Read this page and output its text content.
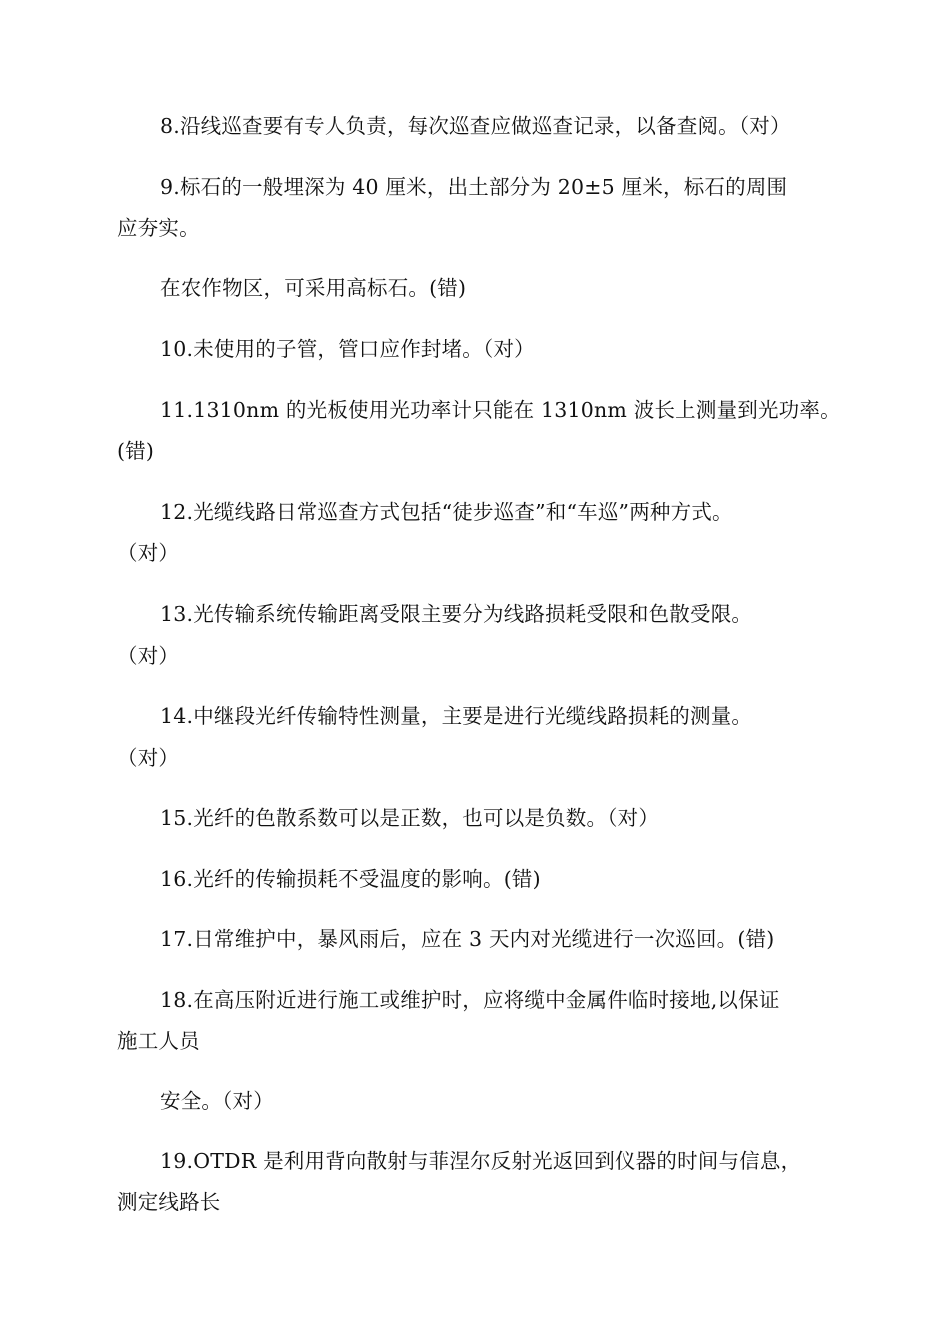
8.沿线巡查要有专人负责，每次巡查应做巡查记录，以备查阅。（对）
9.标石的一般埋深为 40 厘米，出土部分为 20±5 厘米，标石的周围
应夯实。
在农作物区，可采用高标石。(错)
10.未使用的子管，管口应作封堵。（对）
11.1310nm 的光板使用光功率计只能在 1310nm 波长上测量到光功率。
(错)
12.光缆线路日常巡查方式包括“徒步巡查”和“车巡”两种方式。
（对）
13.光传输系统传输距离受限主要分为线路损耗受限和色散受限。
（对）
14.中继段光纤传输特性测量，主要是进行光缆线路损耗的测量。
（对）
15.光纤的色散系数可以是正数，也可以是负数。（对）
16.光纤的传输损耗不受温度的影响。(错)
17.日常维护中，暴风雨后，应在 3 天内对光缆进行一次巡回。(错)
18.在高压附近进行施工或维护时，应将缆中金属件临时接地,以保证
施工人员
安全。（对）
19.OTDR 是利用背向散射与菲涅尔反射光返回到仪器的时间与信息，
测定线路长
